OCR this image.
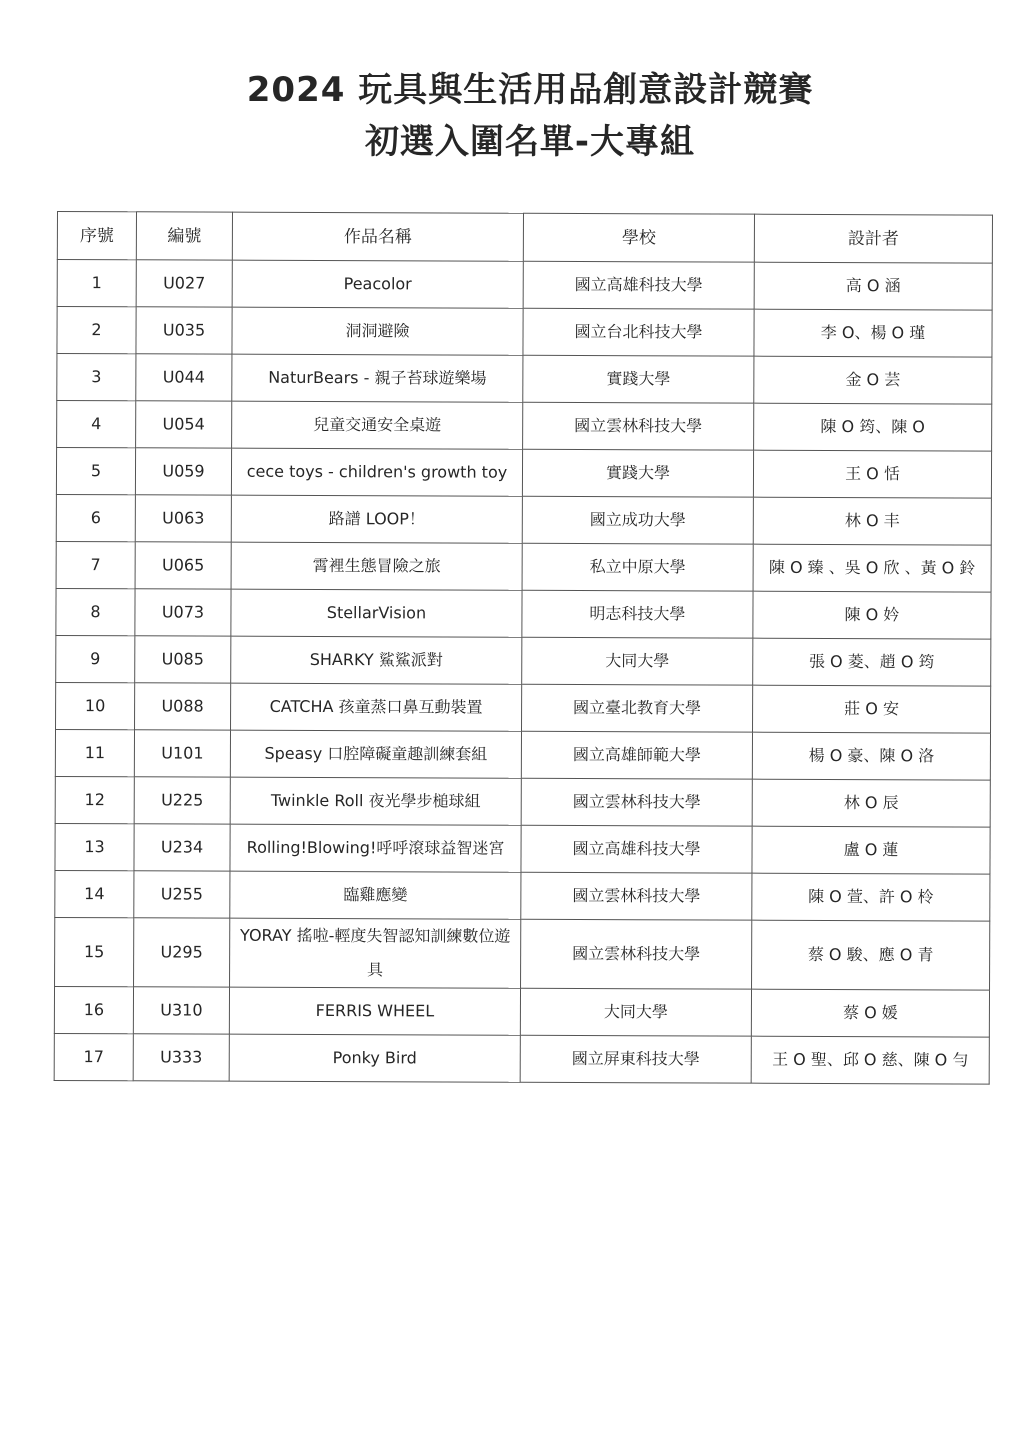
2024 玩具與生活用品創意設計競賽
初選入圍名單-大專組
序號	編號	作品名稱	學校	設計者
1	U027	Peacolor	國立高雄科技大學	高 O 涵
2	U035	洞洞避險	國立台北科技大學	李 O、楊 O 瑾
3	U044	NaturBears - 親子苔球遊樂場	實踐大學	金 O 芸
4	U054	兒童交通安全桌遊	國立雲林科技大學	陳 O 筠、陳 O
5	U059	cece toys - children's growth toy	實踐大學	王 O 恬
6	U063	路譜 LOOP！	國立成功大學	林 O 丰
7	U065	霄裡生態冒險之旅	私立中原大學	陳 O 臻 、吳 O 欣 、黃 O 鈴
8	U073	StellarVision	明志科技大學	陳 O 妗
9	U085	SHARKY 鯊鯊派對	大同大學	張 O 菱、趙 O 筠
10	U088	CATCHA 孩童蒸口鼻互動裝置	國立臺北教育大學	莊 O 安
11	U101	Speasy 口腔障礙童趣訓練套組	國立高雄師範大學	楊 O 豪、陳 O 洛
12	U225	Twinkle Roll 夜光學步槌球組	國立雲林科技大學	林 O 辰
13	U234	Rolling!Blowing!呼呼滾球益智迷宮	國立高雄科技大學	盧 O 蓮
14	U255	臨雞應變	國立雲林科技大學	陳 O 萱、許 O 柃
15	U295	YORAY 搖啦-輕度失智認知訓練數位遊具	國立雲林科技大學	蔡 O 駿、應 O 青
16	U310	FERRIS WHEEL	大同大學	蔡 O 媛
17	U333	Ponky Bird	國立屏東科技大學	王 O 聖、邱 O 慈、陳 O 勻
